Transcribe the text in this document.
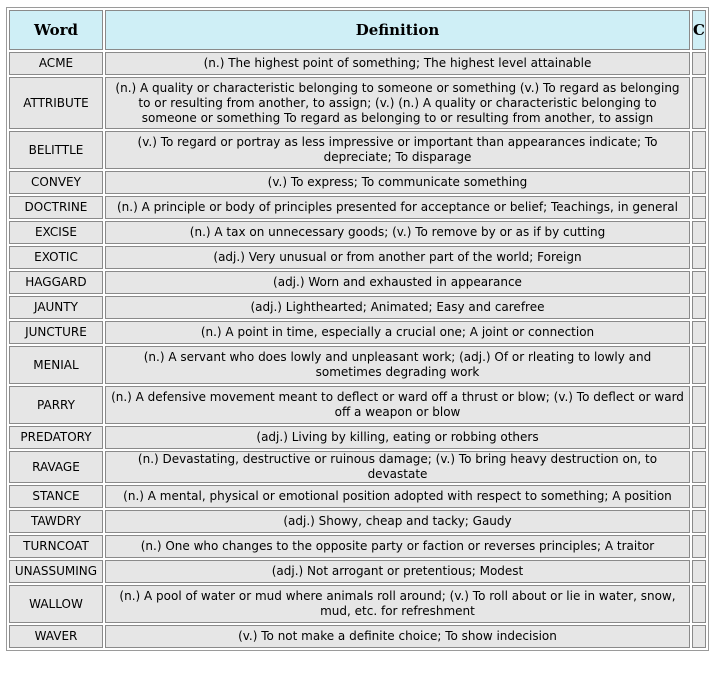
Word	Definition	C
ACME	(n.) The highest point of something; The highest level attainable	
ATTRIBUTE	(n.) A quality or characteristic belonging to someone or something (v.) To regard as belonging to or resulting from another, to assign; (v.) (n.) A quality or characteristic belonging to someone or something To regard as belonging to or resulting from another, to assign	
BELITTLE	(v.) To regard or portray as less impressive or important than appearances indicate; To depreciate; To disparage	
CONVEY	(v.) To express; To communicate something	
DOCTRINE	(n.) A principle or body of principles presented for acceptance or belief; Teachings, in general	
EXCISE	(n.) A tax on unnecessary goods; (v.) To remove by or as if by cutting	
EXOTIC	(adj.) Very unusual or from another part of the world; Foreign	
HAGGARD	(adj.) Worn and exhausted in appearance	
JAUNTY	(adj.) Lighthearted; Animated; Easy and carefree	
JUNCTURE	(n.) A point in time, especially a crucial one; A joint or connection	
MENIAL	(n.) A servant who does lowly and unpleasant work; (adj.) Of or rleating to lowly and sometimes degrading work	
PARRY	(n.) A defensive movement meant to deflect or ward off a thrust or blow; (v.) To deflect or ward off a weapon or blow	
PREDATORY	(adj.) Living by killing, eating or robbing others	
RAVAGE	(n.) Devastating, destructive or ruinous damage; (v.) To bring heavy destruction on, to devastate	
STANCE	(n.) A mental, physical or emotional position adopted with respect to something; A position	
TAWDRY	(adj.) Showy, cheap and tacky; Gaudy	
TURNCOAT	(n.) One who changes to the opposite party or faction or reverses principles; A traitor	
UNASSUMING	(adj.) Not arrogant or pretentious; Modest	
WALLOW	(n.) A pool of water or mud where animals roll around; (v.) To roll about or lie in water, snow, mud, etc. for refreshment	
WAVER	(v.) To not make a definite choice; To show indecision	
